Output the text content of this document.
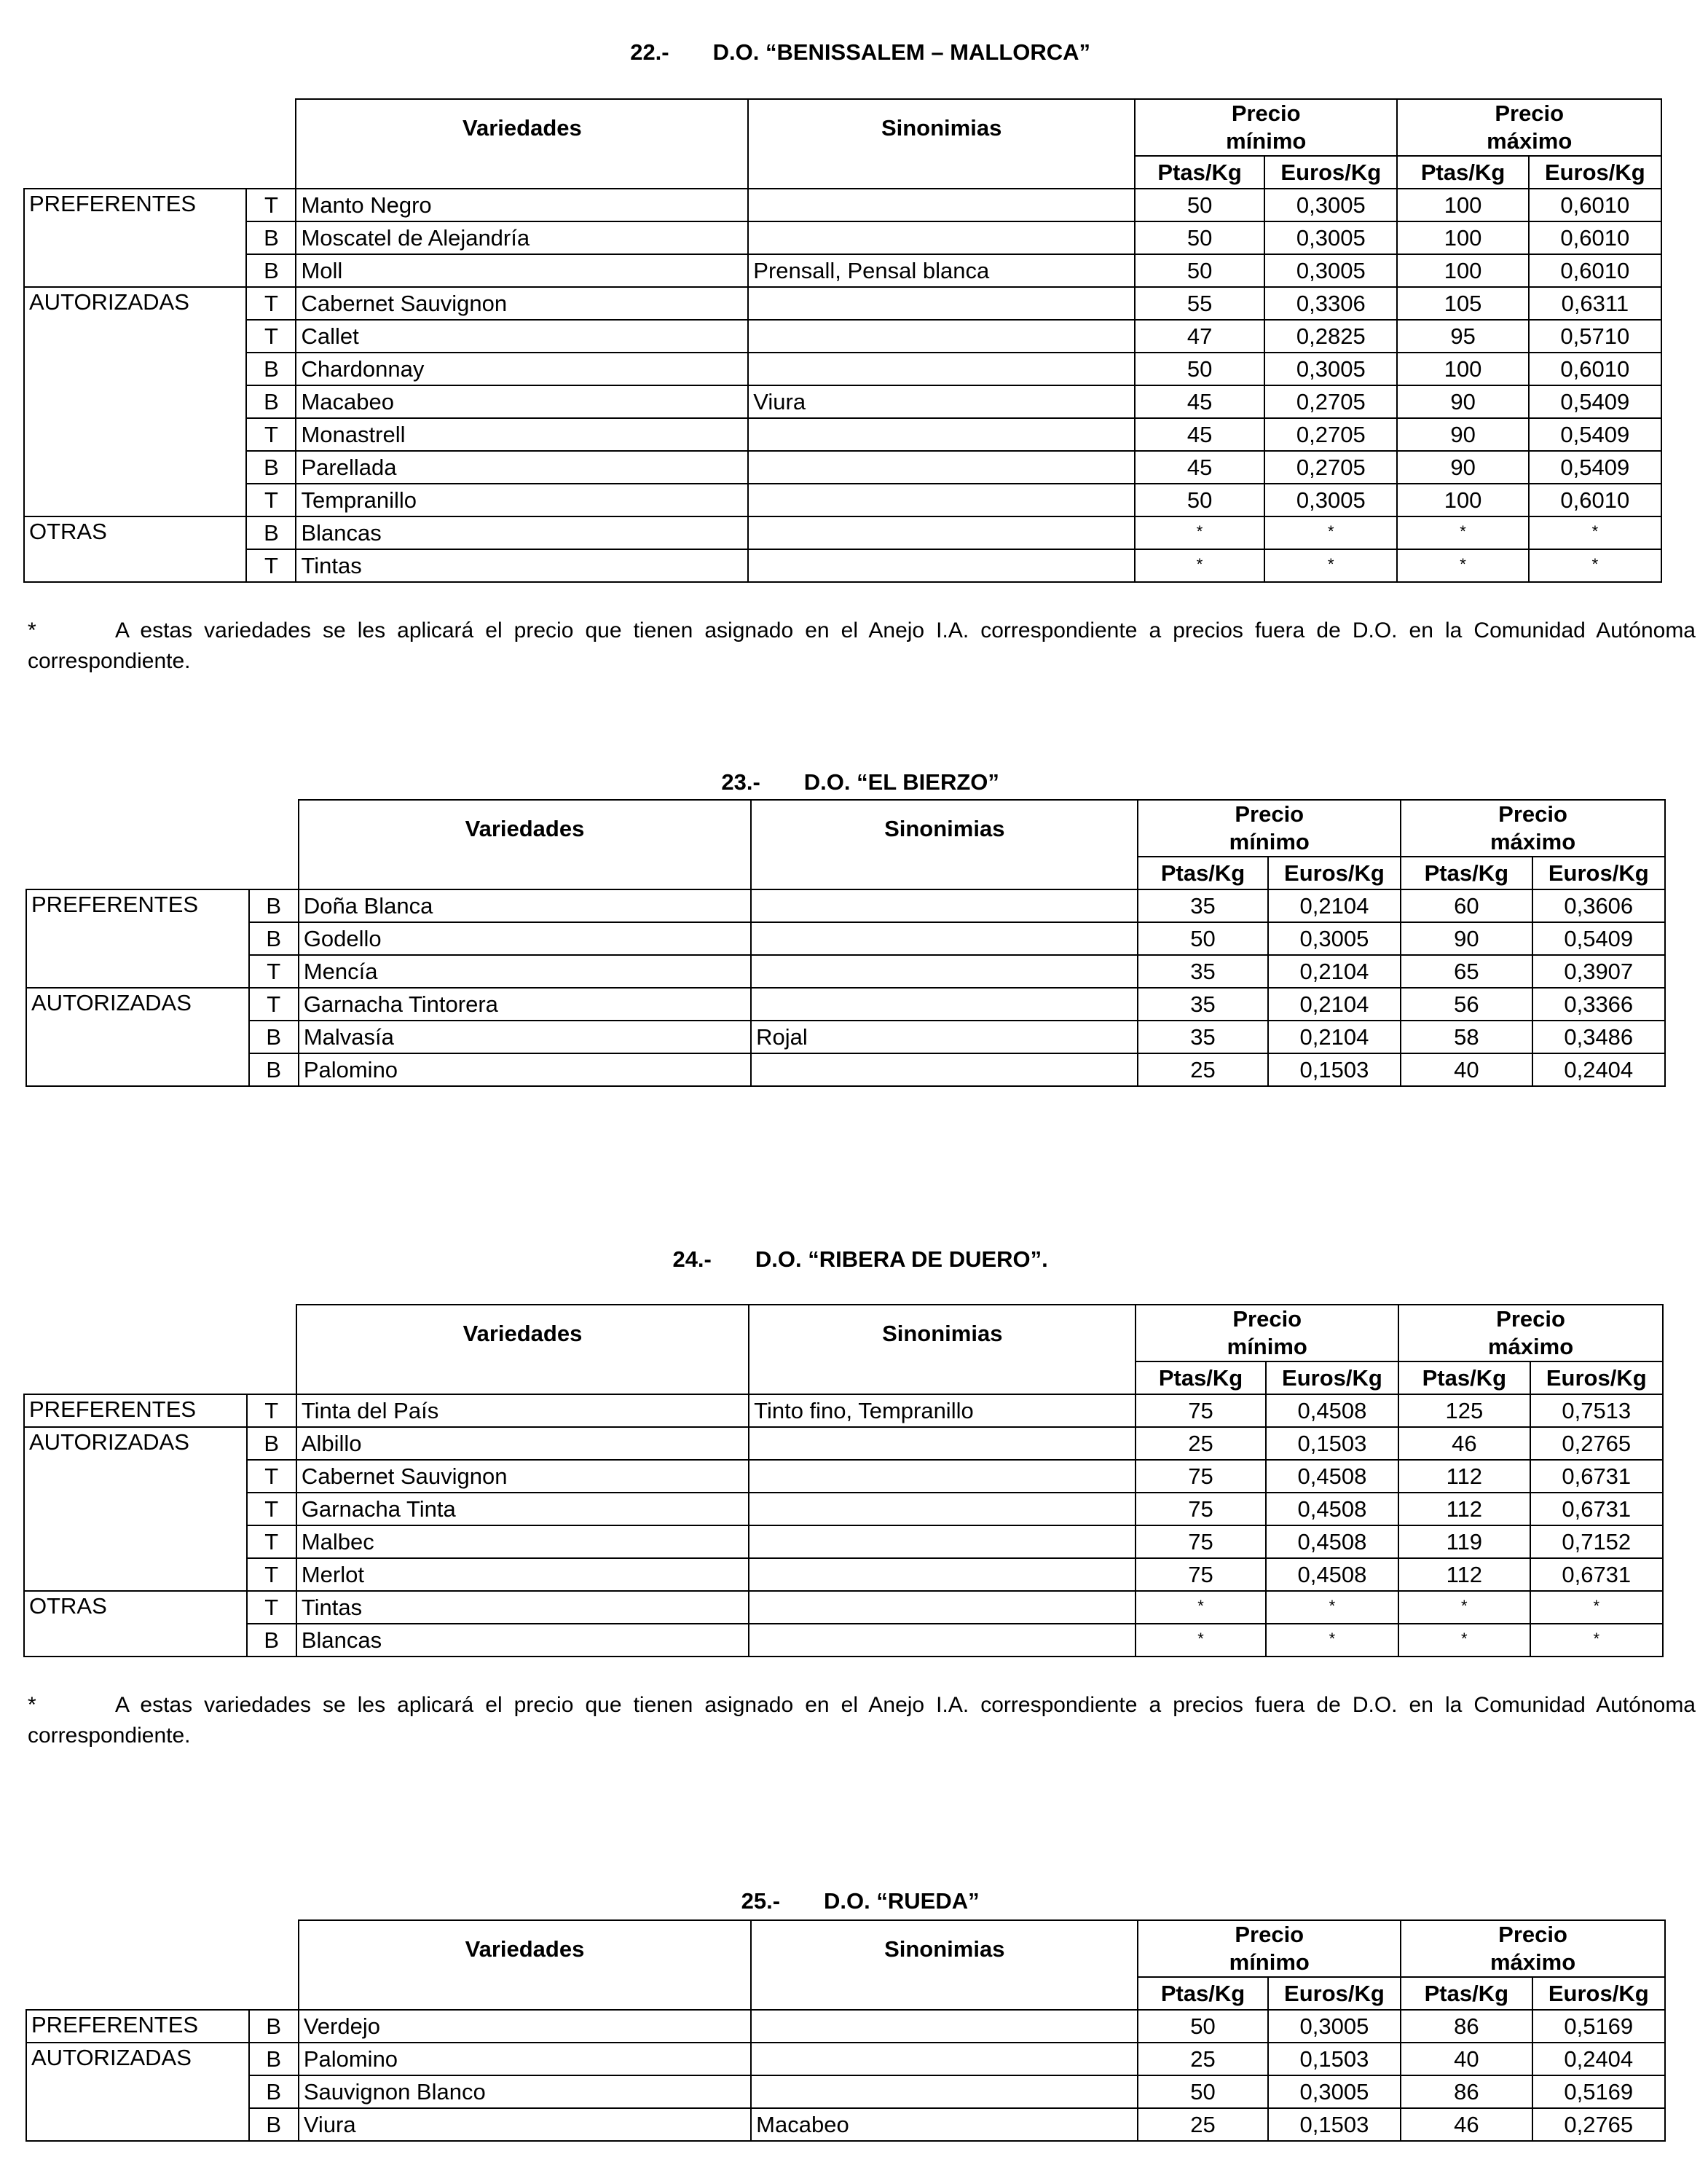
22.- D.O. “BENISSALEM – MALLORCA”

		Variedades	Sinonimias	Precio
mínimo		Precio
máximo	

				Ptas/Kg	Euros/Kg	Ptas/Kg	Euros/Kg
PREFERENTES	T	Manto Negro		50	0,3005	100	0,6010
	B	Moscatel de Alejandría		50	0,3005	100	0,6010
	B	Moll	Prensall, Pensal blanca	50	0,3005	100	0,6010
AUTORIZADAS	T	Cabernet Sauvignon		55	0,3306	105	0,6311
	T	Callet		47	0,2825	95	0,5710
	B	Chardonnay		50	0,3005	100	0,6010
	B	Macabeo	Viura	45	0,2705	90	0,5409
	T	Monastrell		45	0,2705	90	0,5409
	B	Parellada		45	0,2705	90	0,5409
	T	Tempranillo		50	0,3005	100	0,6010
OTRAS	B	Blancas		*	*	*	*
	T	Tintas		*	*	*	*
*	A estas variedades se les aplicará el precio que tienen asignado en el Anejo I.A. correspondiente a precios fuera de D.O. en la Comunidad Autónoma correspondiente.

23.- D.O. “EL BIERZO”

		Variedades	Sinonimias	Precio
mínimo		Precio
máximo	

				Ptas/Kg	Euros/Kg	Ptas/Kg	Euros/Kg
PREFERENTES	B	Doña Blanca		35	0,2104	60	0,3606
	B	Godello		50	0,3005	90	0,5409
	T	Mencía		35	0,2104	65	0,3907
AUTORIZADAS	T	Garnacha Tintorera		35	0,2104	56	0,3366
	B	Malvasía	Rojal	35	0,2104	58	0,3486
	B	Palomino		25	0,1503	40	0,2404

24.- D.O. “RIBERA DE DUERO”.

		Variedades	Sinonimias	Precio
mínimo		Precio
máximo	

				Ptas/Kg	Euros/Kg	Ptas/Kg	Euros/Kg
PREFERENTES	T	Tinta del País	Tinto fino, Tempranillo	75	0,4508	125	0,7513
AUTORIZADAS	B	Albillo		25	0,1503	46	0,2765
	T	Cabernet Sauvignon		75	0,4508	112	0,6731
	T	Garnacha Tinta		75	0,4508	112	0,6731
	T	Malbec		75	0,4508	119	0,7152
	T	Merlot		75	0,4508	112	0,6731
OTRAS	T	Tintas		*	*	*	*
	B	Blancas		*	*	*	*
*	A estas variedades se les aplicará el precio que tienen asignado en el Anejo I.A. correspondiente a precios fuera de D.O. en la Comunidad Autónoma correspondiente.

25.- D.O. “RUEDA”

		Variedades	Sinonimias	Precio
mínimo		Precio
máximo	

				Ptas/Kg	Euros/Kg	Ptas/Kg	Euros/Kg
PREFERENTES	B	Verdejo		50	0,3005	86	0,5169
AUTORIZADAS	B	Palomino		25	0,1503	40	0,2404
	B	Sauvignon Blanco		50	0,3005	86	0,5169
	B	Viura	Macabeo	25	0,1503	46	0,2765
